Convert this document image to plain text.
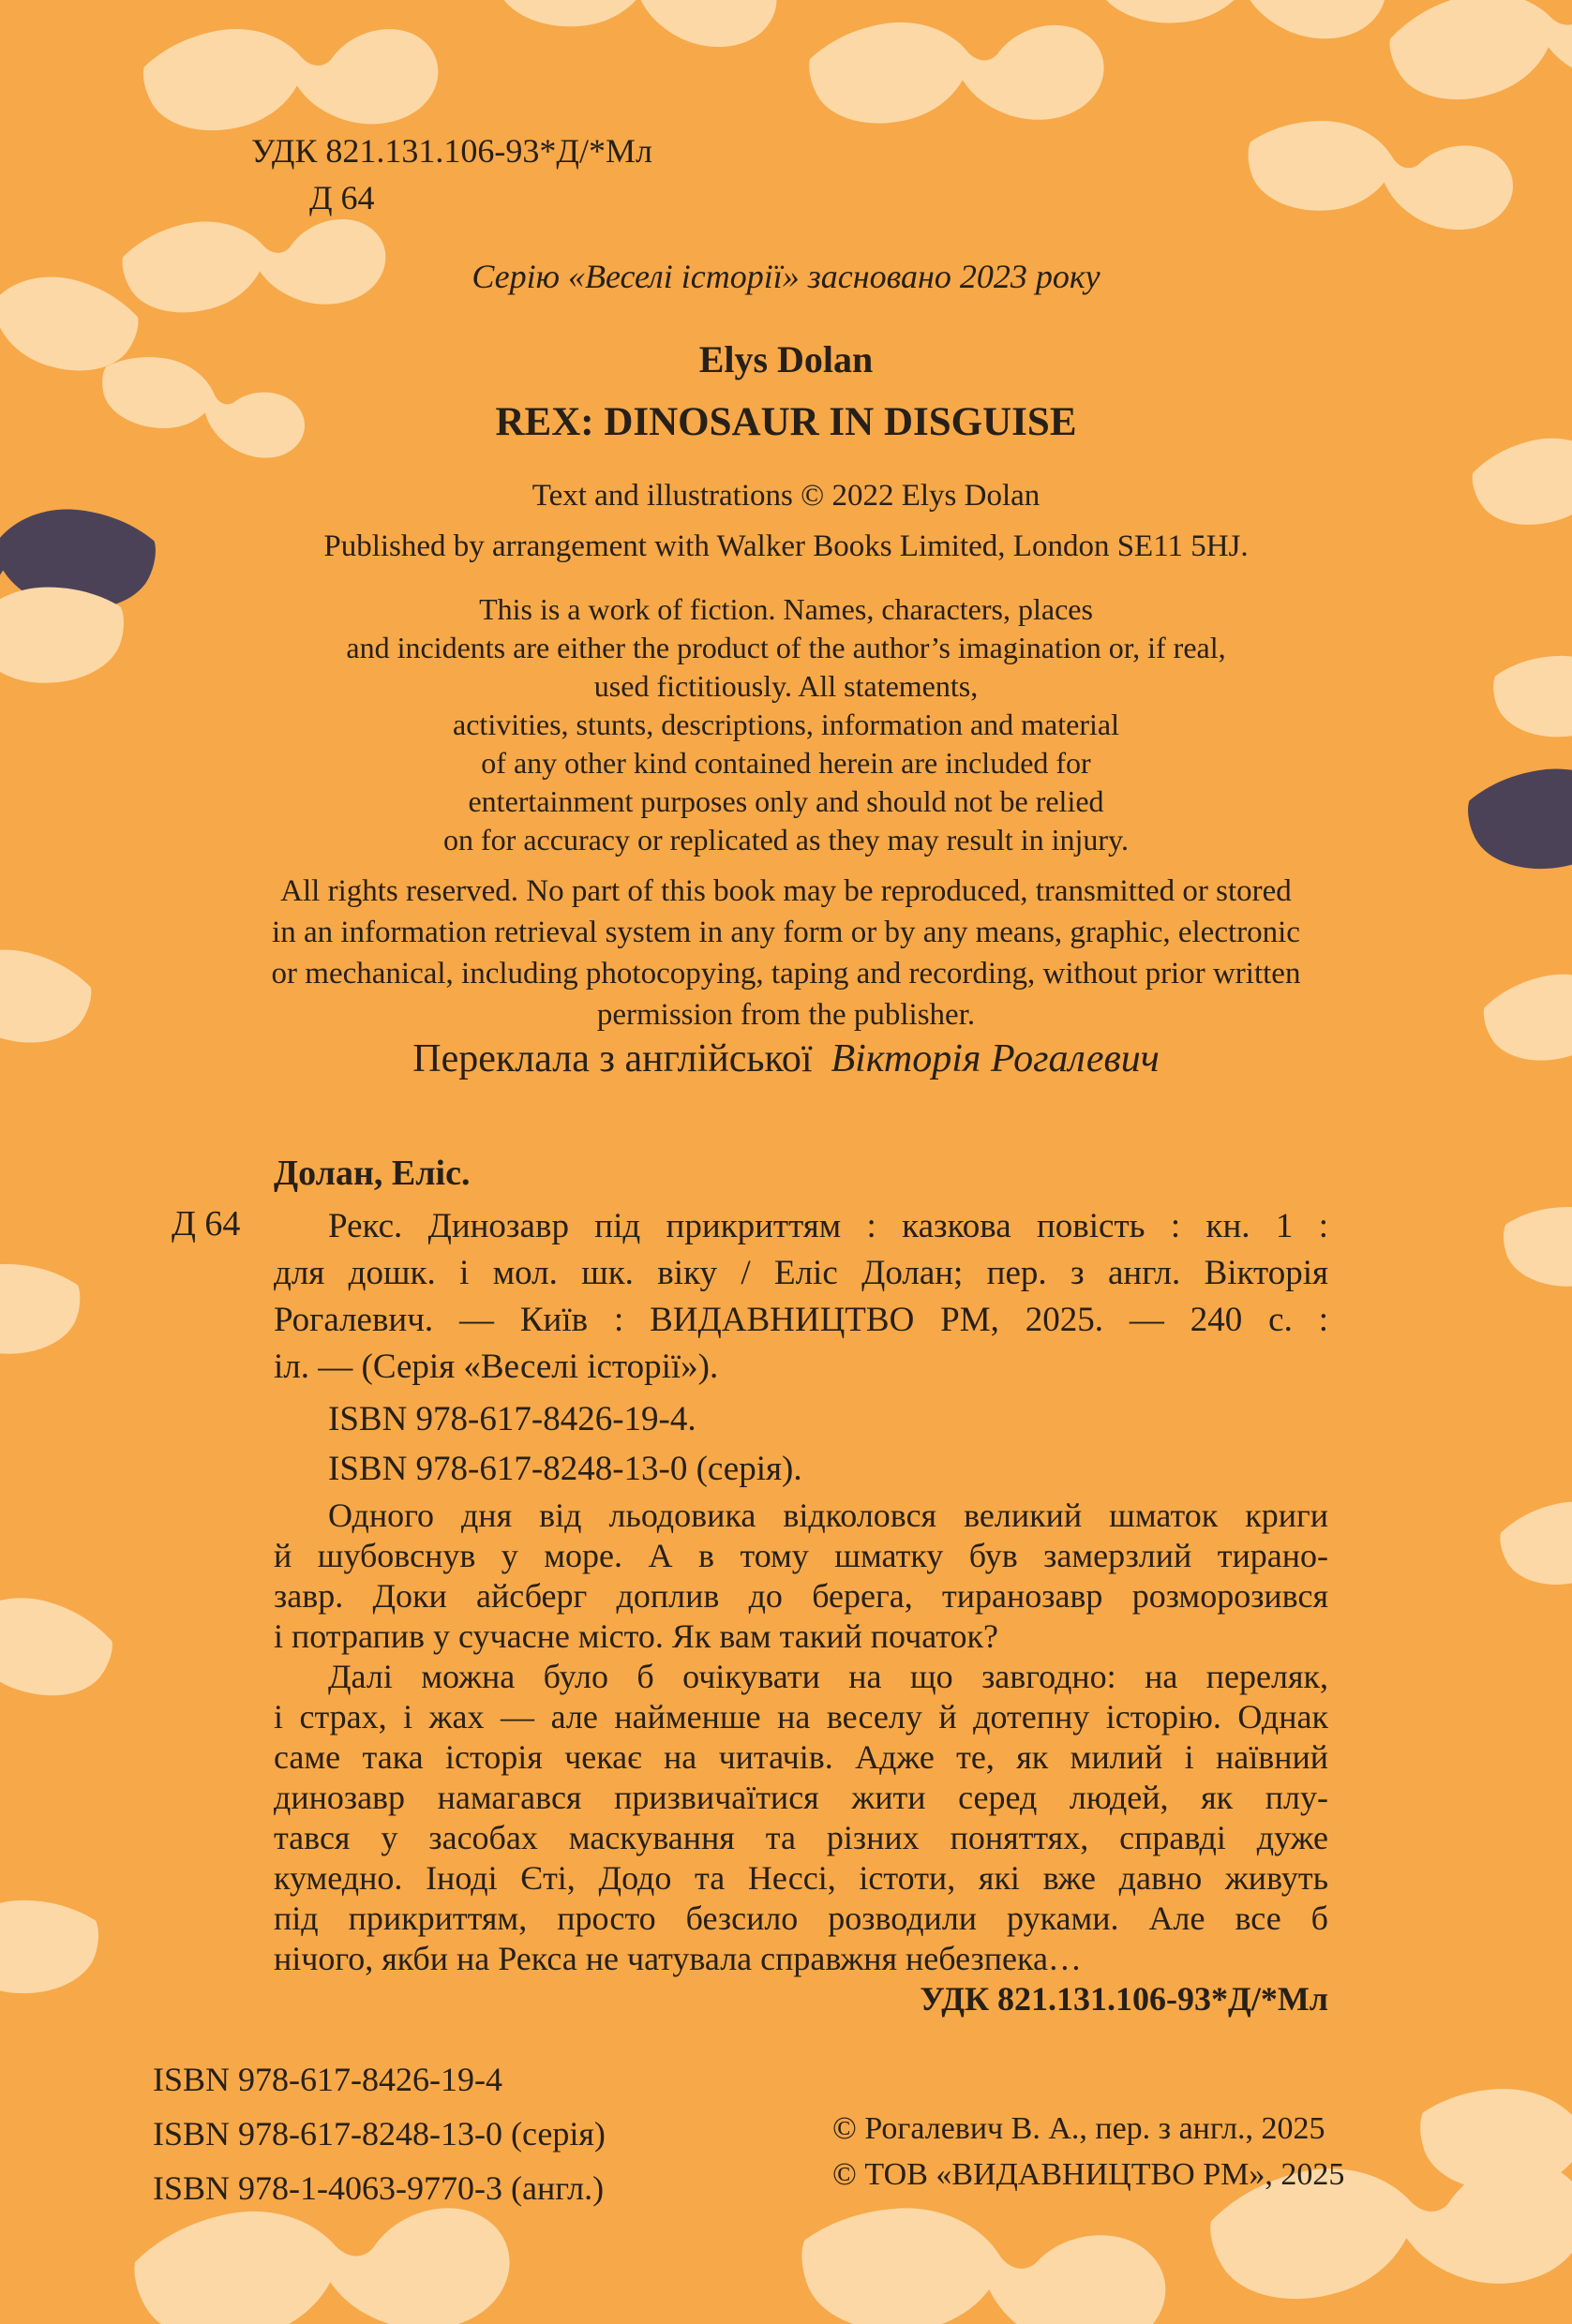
УДК 821.131.106-93*Д/*Мл
Д 64
Серію «Веселі історії» засновано 2023 року
Elys Dolan
REX: DINOSAUR IN DISGUISE
Text and illustrations © 2022 Elys Dolan
Published by arrangement with Walker Books Limited, London SE11 5HJ.
This is a work of fiction. Names, characters, places
and incidents are either the product of the author’s imagination or, if real,
used fictitiously. All statements,
activities, stunts, descriptions, information and material
of any other kind contained herein are included for
entertainment purposes only and should not be relied
on for accuracy or replicated as they may result in injury.
All rights reserved. No part of this book may be reproduced, transmitted or stored
in an information retrieval system in any form or by any means, graphic, electronic
or mechanical, including photocopying, taping and recording, without prior written
permission from the publisher.
Переклала з англійської Вікторія Рогалевич
Долан, Еліс.
Д 64	Рекс. Динозавр під прикриттям : казкова повість : кн. 1 :
для дошк. і мол. шк. віку / Еліс Долан; пер. з англ. Вікторія
Рогалевич. — Київ : ВИДАВНИЦТВО РМ, 2025. — 240 с. :
іл. — (Серія «Веселі історії»).
ISBN 978-617-8426-19-4.
ISBN 978-617-8248-13-0 (серія).
Одного дня від льодовика відколовся великий шматок криги
й шубовснув у море. А в тому шматку був замерзлий тирано-
завр. Доки айсберг доплив до берега, тиранозавр розморозився
і потрапив у сучасне місто. Як вам такий початок?
Далі можна було б очікувати на що завгодно: на переляк,
і страх, і жах — але найменше на веселу й дотепну історію. Однак
саме така історія чекає на читачів. Адже те, як милий і наївний
динозавр намагався призвичаїтися жити серед людей, як плу-
тався у засобах маскування та різних поняттях, справді дуже
кумедно. Іноді Єті, Додо та Нессі, істоти, які вже давно живуть
під прикриттям, просто безсило розводили руками. Але все б
нічого, якби на Рекса не чатувала справжня небезпека…
УДК 821.131.106-93*Д/*Мл
ISBN 978-617-8426-19-4
ISBN 978-617-8248-13-0 (серія)
ISBN 978-1-4063-9770-3 (англ.)
© Рогалевич В. А., пер. з англ., 2025
© ТОВ «ВИДАВНИЦТВО РМ», 2025
